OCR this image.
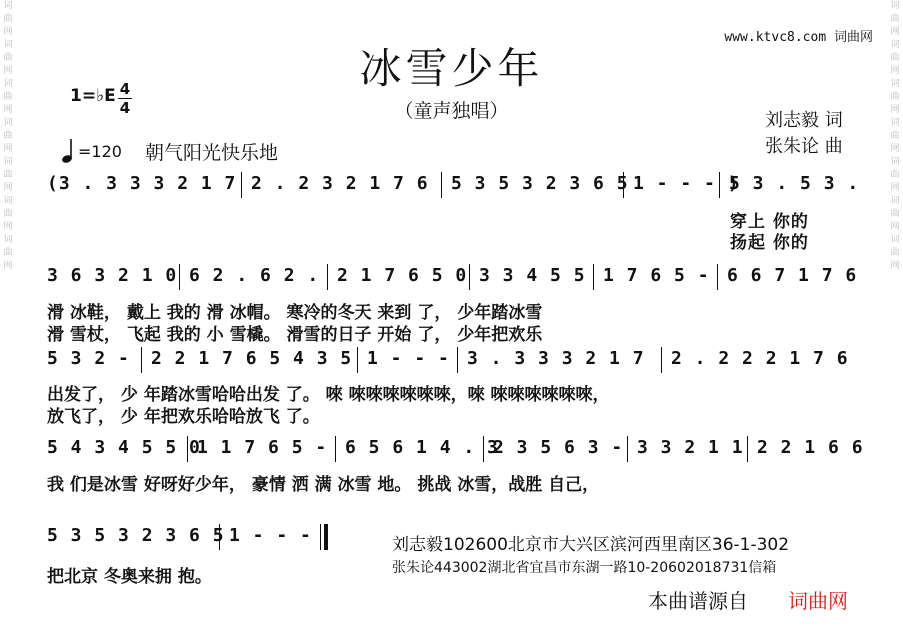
词曲网词曲网词曲网词曲网词曲网词曲网词曲网
词曲网词曲网词曲网词曲网词曲网词曲网词曲网
www.ktvc8.com 词曲网
冰雪少年
（童声独唱）
1=♭E 4
4
=120 朝气阳光快乐地
刘志毅 词
张朱论 曲
(3 . 3 3 3 2 1 7 2 . 2 3 2 1 7 6 5 3 5 3 2 3 6 5 1 - - - )
5 3 . 5 3 .
穿上 你的
扬起 你的
3 6 3 2 1 0 6 2 . 6 2 . 2 1 7 6 5 0 3 3 4 5 5 1 7 6 5 - 6 6 7 1 7 6
滑 冰鞋， 戴上 我的 滑 冰帽。 寒冷的冬天 来到 了， 少年踏冰雪
滑 雪杖， 飞起 我的 小 雪橇。 滑雪的日子 开始 了， 少年把欢乐
5 3 2 - 2 2 1 7 6 5 4 3 5 1 - - - 3 . 3 3 3 2 1 7 2 . 2 2 2 1 7 6
出发了， 少 年踏冰雪哈哈出发 了。 唻 唻唻唻唻唻唻，唻 唻唻唻唻唻唻，
放飞了， 少 年把欢乐哈哈放飞 了。
5 4 3 4 5 5 0
1 1 7 6 5 - 6 5 6 1 4 . 3
2 3 5 6 3 - 3 3 2 1 1 2 2 1 6 6
我 们是冰雪 好呀好少年， 豪情 洒 满 冰雪 地。 挑战 冰雪，战胜 自己，
5 3 5 3 2 3 6 5 1 - - -
把北京 冬奥来拥 抱。
刘志毅102600北京市大兴区滨河西里南区36-1-302
张朱论443002湖北省宜昌市东湖一路10-20602018731信箱
本曲谱源自 词曲网
